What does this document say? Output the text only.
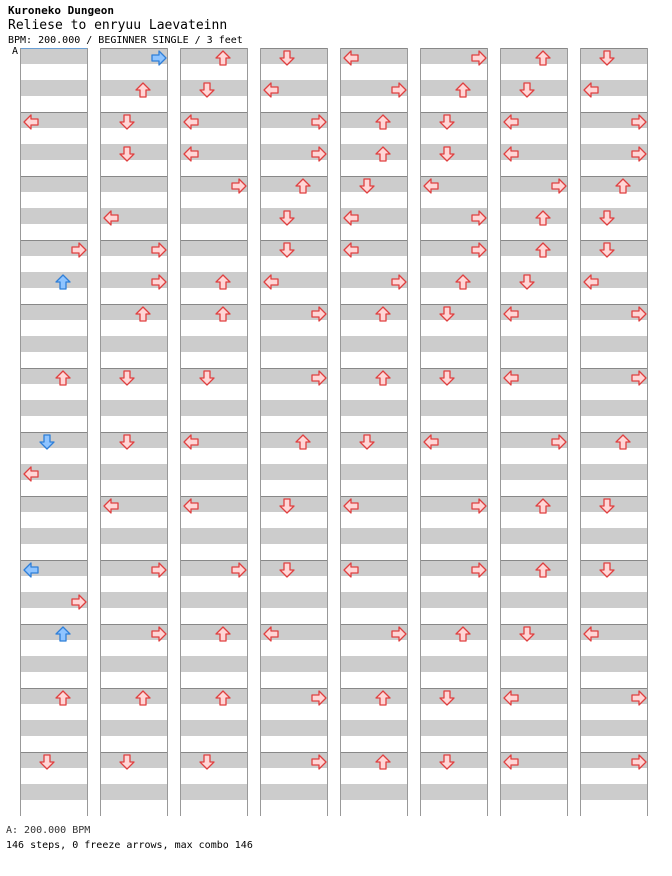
Kuroneko Dungeon
Reliese to enryuu Laevateinn
BPM: 200.000 / BEGINNER SINGLE / 3 feet
A
A: 200.000 BPM
146 steps, 0 freeze arrows, max combo 146
